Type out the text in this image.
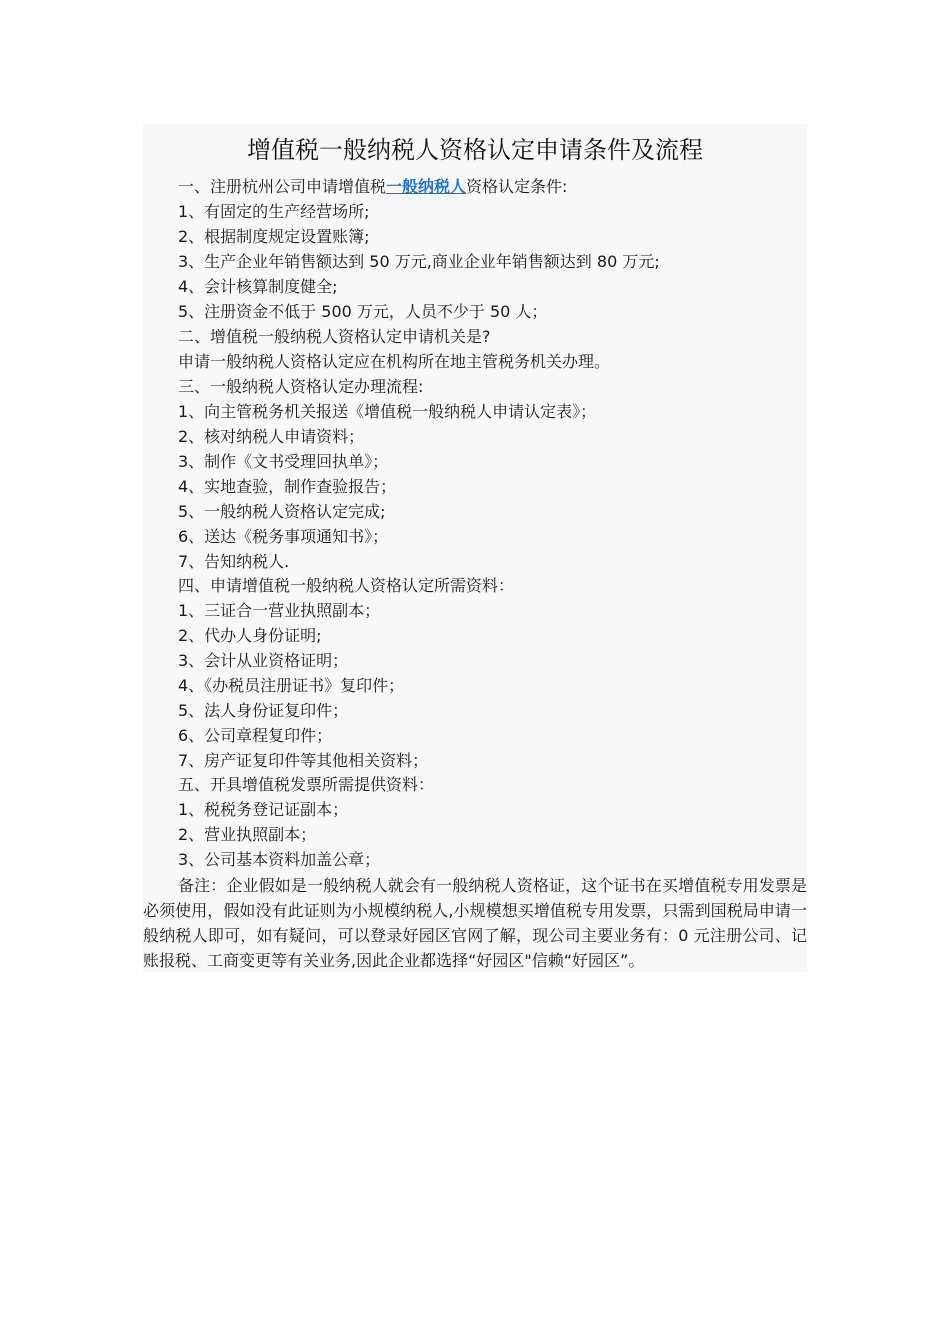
增值税一般纳税人资格认定申请条件及流程
一、注册杭州公司申请增值税一般纳税人资格认定条件:
1、有固定的生产经营场所;
2、根据制度规定设置账簿;
3、生产企业年销售额达到 50 万元,商业企业年销售额达到 80 万元;
4、会计核算制度健全;
5、注册资金不低于 500 万元，人员不少于 50 人；
二、增值税一般纳税人资格认定申请机关是?
申请一般纳税人资格认定应在机构所在地主管税务机关办理。
三、一般纳税人资格认定办理流程:
1、向主管税务机关报送《增值税一般纳税人申请认定表》；
2、核对纳税人申请资料；
3、制作《文书受理回执单》；
4、实地查验，制作查验报告；
5、一般纳税人资格认定完成;
6、送达《税务事项通知书》；
7、告知纳税人.
四、申请增值税一般纳税人资格认定所需资料：
1、三证合一营业执照副本；
2、代办人身份证明;
3、会计从业资格证明；
4、《办税员注册证书》复印件；
5、法人身份证复印件；
6、公司章程复印件；
7、房产证复印件等其他相关资料；
五、开具增值税发票所需提供资料：
1、税税务登记证副本；
2、营业执照副本；
3、公司基本资料加盖公章；
备注：企业假如是一般纳税人就会有一般纳税人资格证，这个证书在买增值税专用发票是必须使用，假如没有此证则为小规模纳税人,小规模想买增值税专用发票，只需到国税局申请一般纳税人即可，如有疑问，可以登录好园区官网了解，现公司主要业务有：0 元注册公司、记账报税、工商变更等有关业务,因此企业都选择“好园区"信赖“好园区”。
